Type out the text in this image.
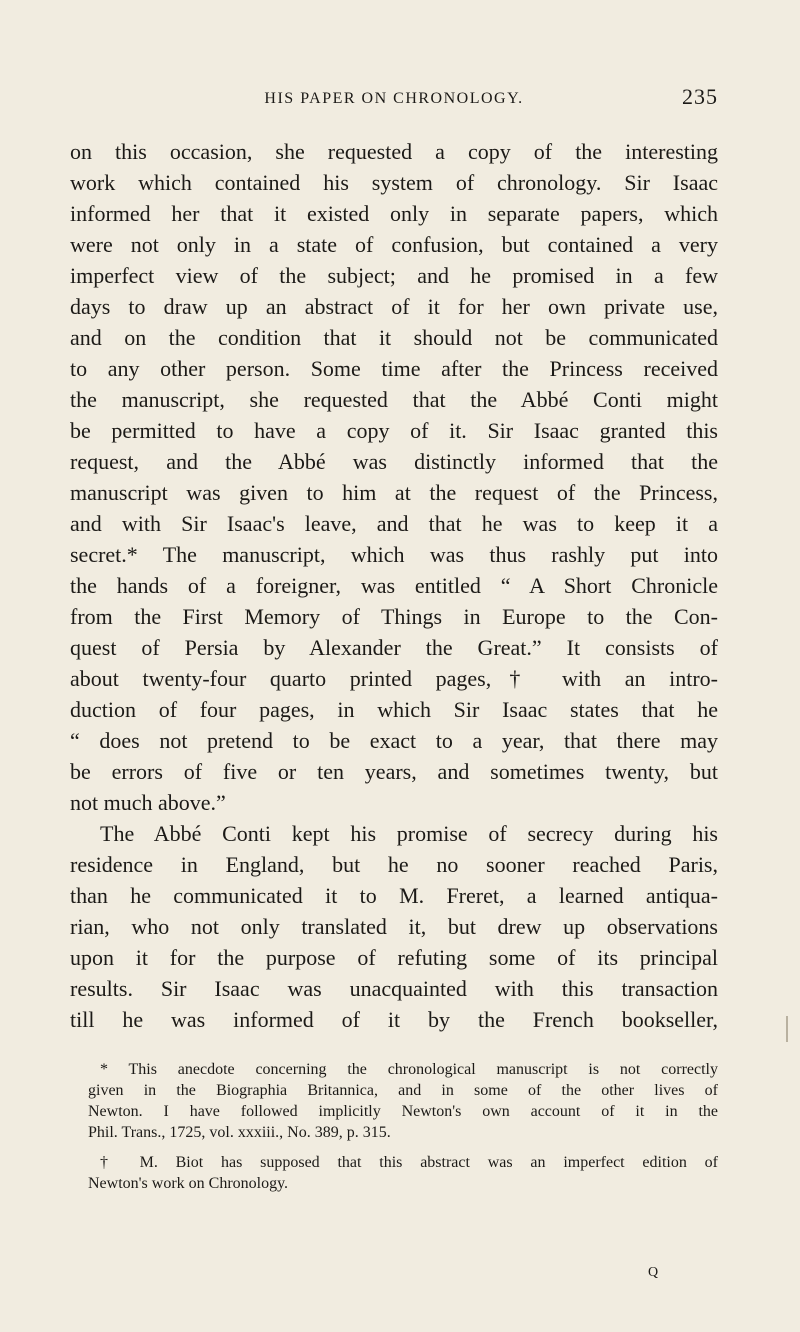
HIS PAPER ON CHRONOLOGY.	235
on this occasion, she requested a copy of the interesting
work which contained his system of chronology. Sir Isaac
informed her that it existed only in separate papers, which
were not only in a state of confusion, but contained a very
imperfect view of the subject; and he promised in a few
days to draw up an abstract of it for her own private use,
and on the condition that it should not be communicated
to any other person. Some time after the Princess received
the manuscript, she requested that the Abbé Conti might
be permitted to have a copy of it. Sir Isaac granted this
request, and the Abbé was distinctly informed that the
manuscript was given to him at the request of the Princess,
and with Sir Isaac's leave, and that he was to keep it a
secret.* The manuscript, which was thus rashly put into
the hands of a foreigner, was entitled “ A Short Chronicle
from the First Memory of Things in Europe to the Con-
quest of Persia by Alexander the Great.” It consists of
about twenty-four quarto printed pages,† with an intro-
duction of four pages, in which Sir Isaac states that he
“ does not pretend to be exact to a year, that there may
be errors of five or ten years, and sometimes twenty, but
not much above.”
The Abbé Conti kept his promise of secrecy during his
residence in England, but he no sooner reached Paris,
than he communicated it to M. Freret, a learned antiqua-
rian, who not only translated it, but drew up observations
upon it for the purpose of refuting some of its principal
results. Sir Isaac was unacquainted with this transaction
till he was informed of it by the French bookseller,
* This anecdote concerning the chronological manuscript is not correctly
given in the Biographia Britannica, and in some of the other lives of
Newton. I have followed implicitly Newton's own account of it in the
Phil. Trans., 1725, vol. xxxiii., No. 389, p. 315.
† M. Biot has supposed that this abstract was an imperfect edition of
Newton's work on Chronology.
Q
